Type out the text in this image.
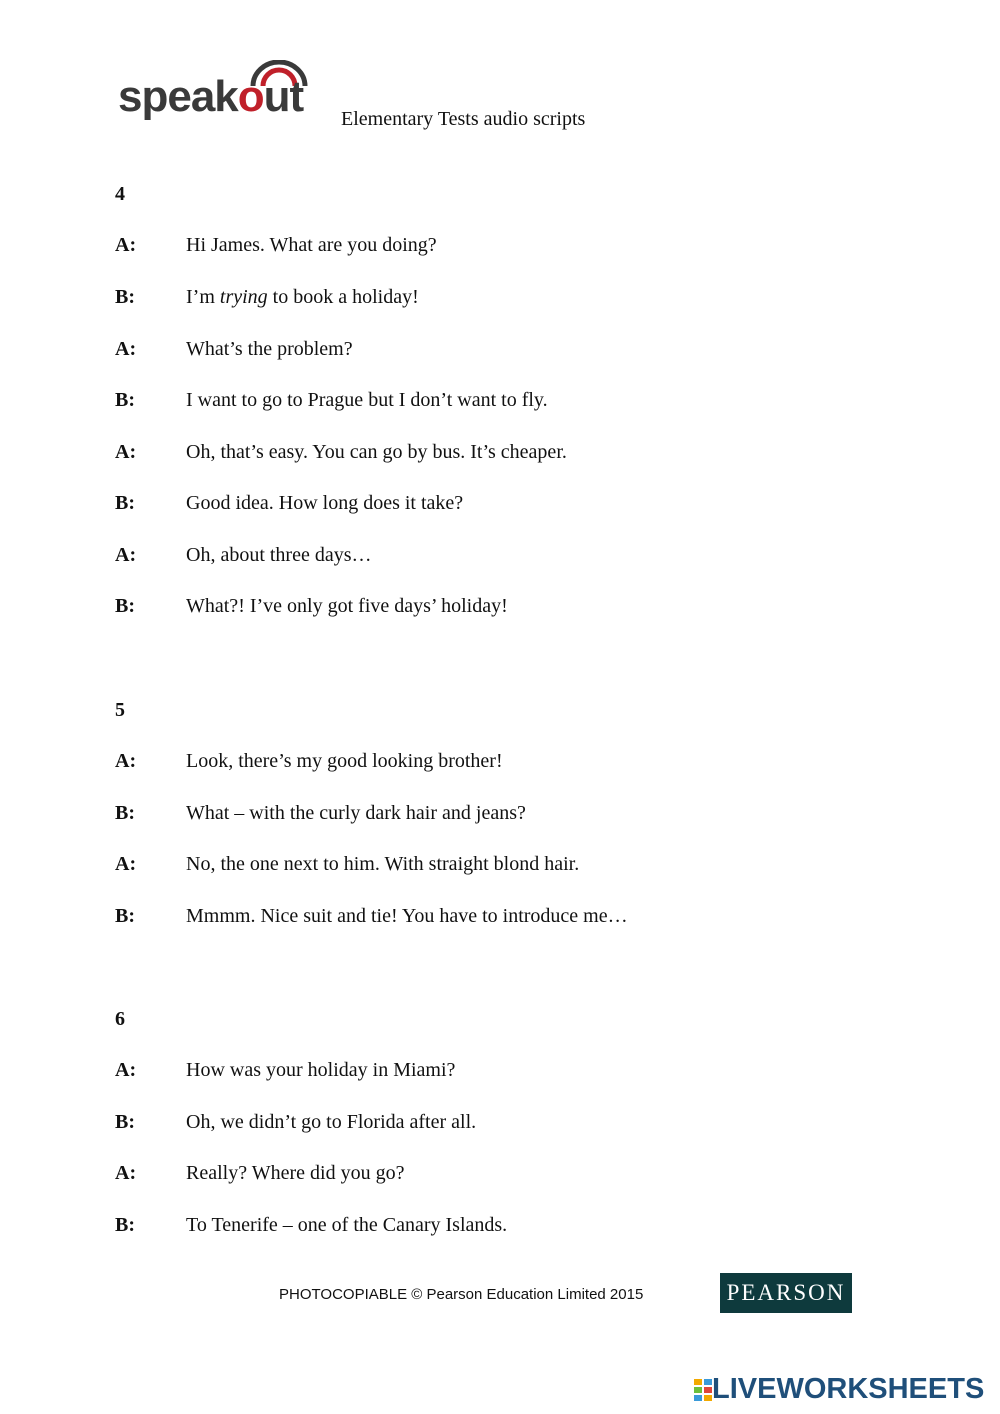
speakout Elementary Tests audio scripts
4
A: Hi James. What are you doing?
B:	I’m trying to book a holiday!
A: What’s the problem?
B:	I want to go to Prague but I don’t want to fly.
A: Oh, that’s easy. You can go by bus. It’s cheaper.
B:	Good idea. How long does it take?
A: Oh, about three days…
B:	What?! I’ve only got five days’ holiday!
5
A: Look, there’s my good looking brother!
B:	What – with the curly dark hair and jeans?
A: No, the one next to him. With straight blond hair.
B:	Mmmm. Nice suit and tie! You have to introduce me…
6
A: How was your holiday in Miami?
B:	Oh, we didn’t go to Florida after all.
A: Really? Where did you go?
B:	To Tenerife – one of the Canary Islands.
PHOTOCOPIABLE © Pearson Education Limited 2015	PEARSON
LIVEWORKSHEETS
